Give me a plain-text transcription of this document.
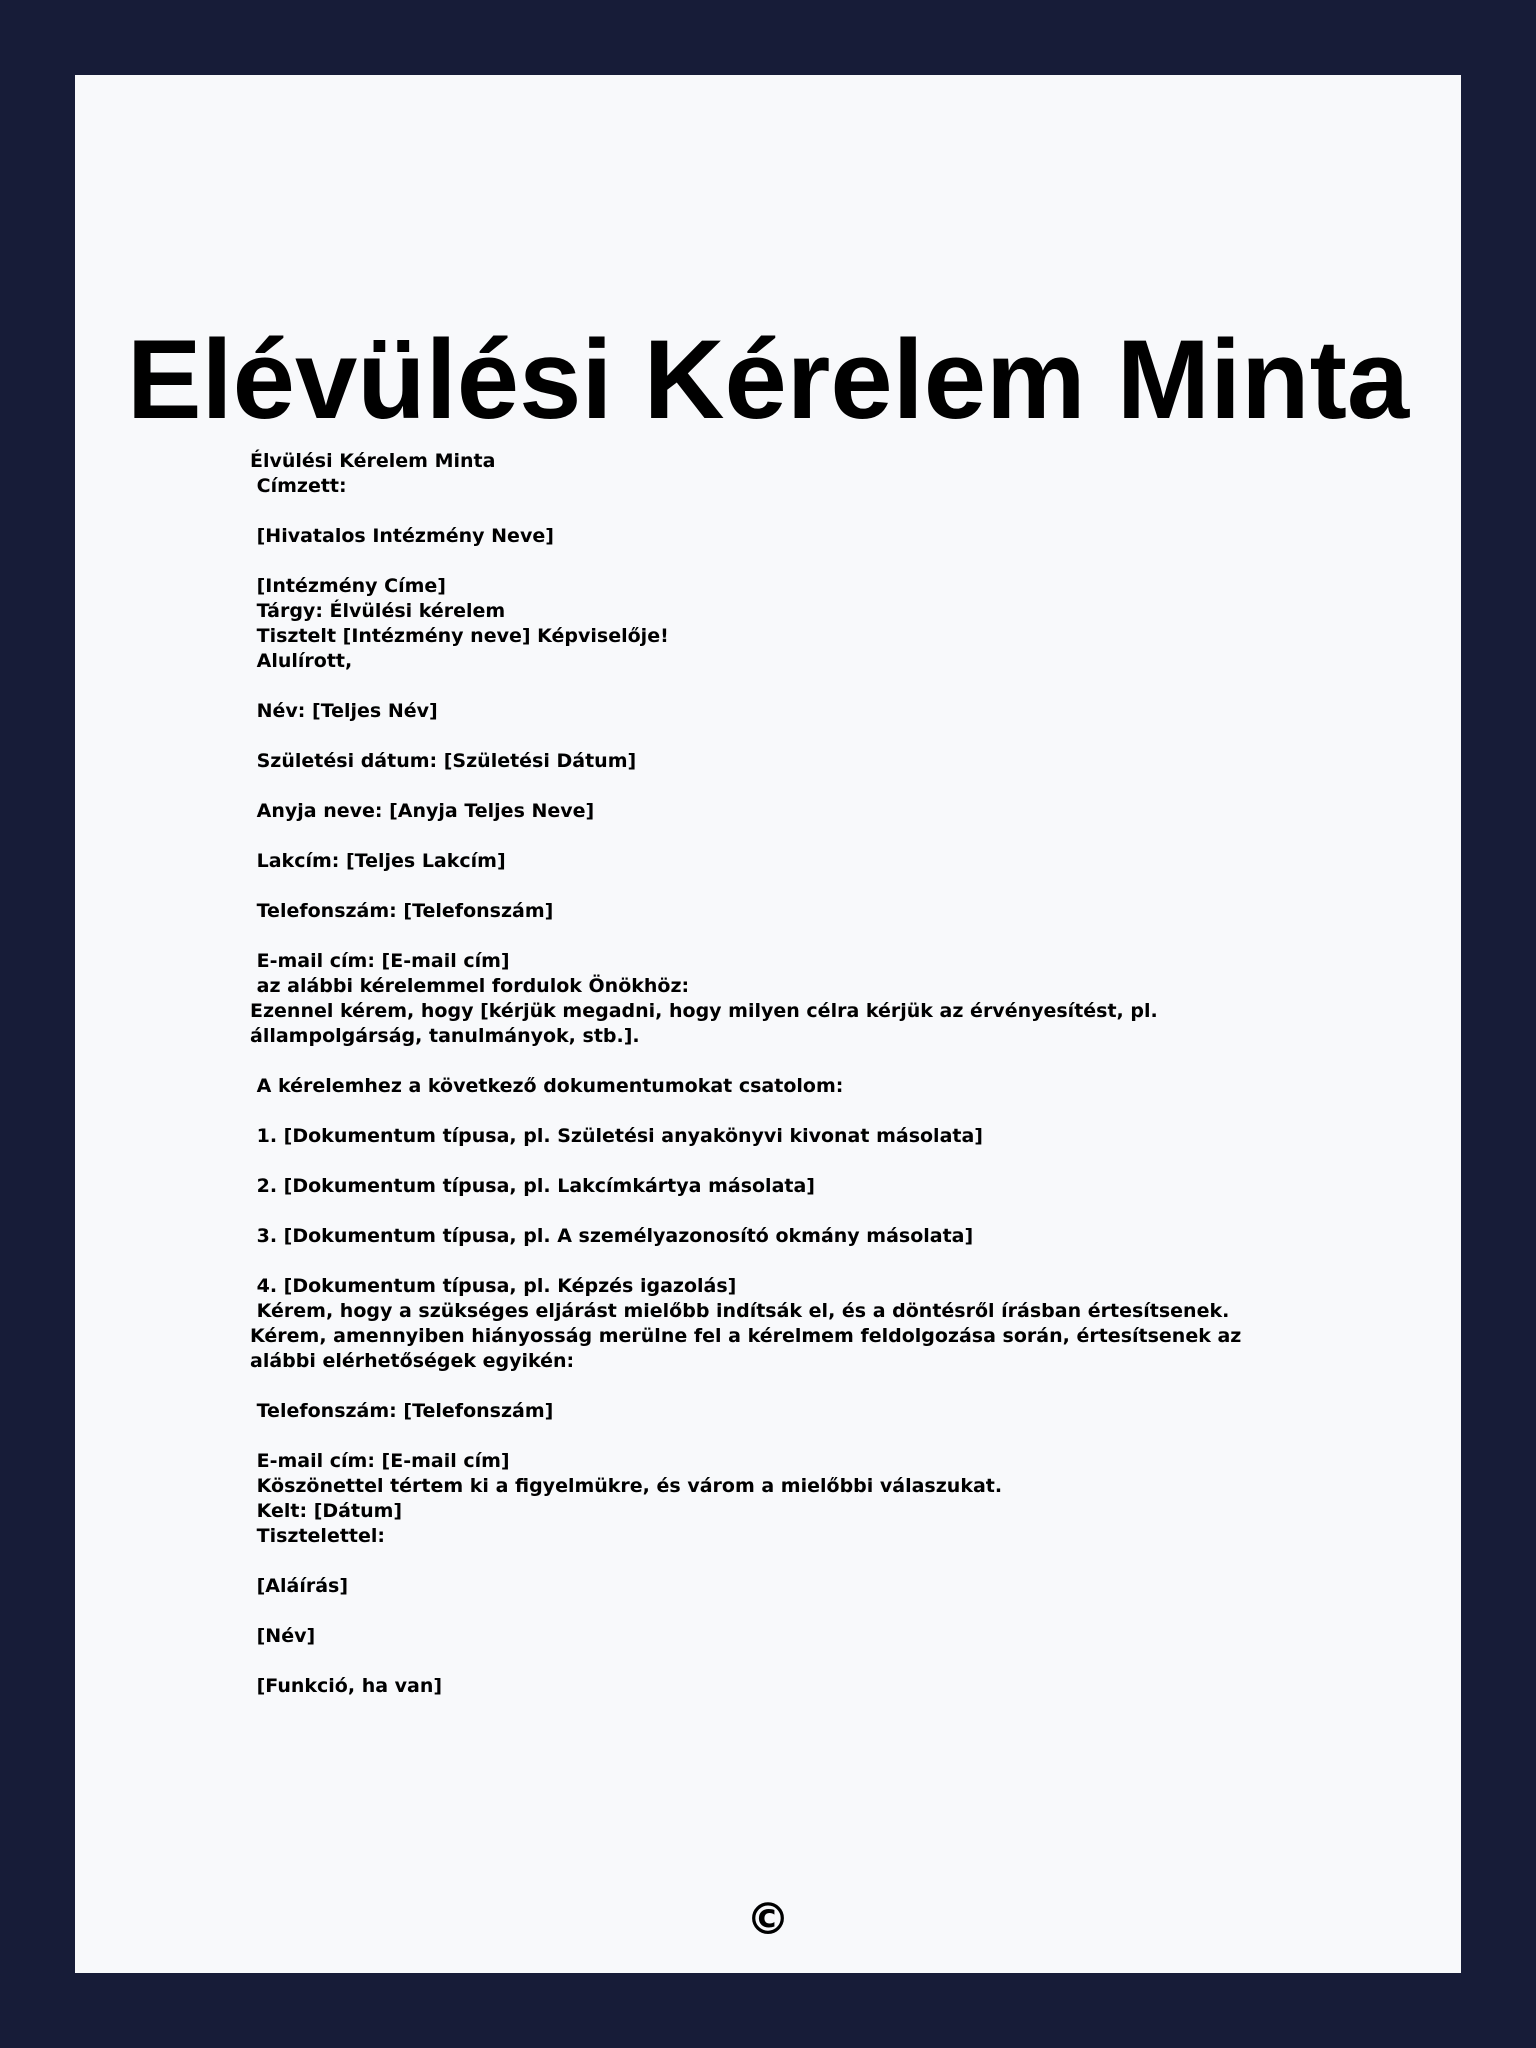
Elévülési Kérelem Minta
Élvülési Kérelem Minta
Címzett:
[Hivatalos Intézmény Neve]
[Intézmény Címe]
Tárgy: Élvülési kérelem
Tisztelt [Intézmény neve] Képviselője!
Alulírott,
Név: [Teljes Név]
Születési dátum: [Születési Dátum]
Anyja neve: [Anyja Teljes Neve]
Lakcím: [Teljes Lakcím]
Telefonszám: [Telefonszám]
E-mail cím: [E-mail cím]
az alábbi kérelemmel fordulok Önökhöz:
Ezennel kérem, hogy [kérjük megadni, hogy milyen célra kérjük az érvényesítést, pl. állampolgárság, tanulmányok, stb.].
A kérelemhez a következő dokumentumokat csatolom:
1. [Dokumentum típusa, pl. Születési anyakönyvi kivonat másolata]
2. [Dokumentum típusa, pl. Lakcímkártya másolata]
3. [Dokumentum típusa, pl. A személyazonosító okmány másolata]
4. [Dokumentum típusa, pl. Képzés igazolás]
Kérem, hogy a szükséges eljárást mielőbb indítsák el, és a döntésről írásban értesítsenek.
Kérem, amennyiben hiányosság merülne fel a kérelmem feldolgozása során, értesítsenek az alábbi elérhetőségek egyikén:
Telefonszám: [Telefonszám]
E-mail cím: [E-mail cím]
Köszönettel tértem ki a figyelmükre, és várom a mielőbbi válaszukat.
Kelt: [Dátum]
Tisztelettel:
[Aláírás]
[Név]
[Funkció, ha van]
©
